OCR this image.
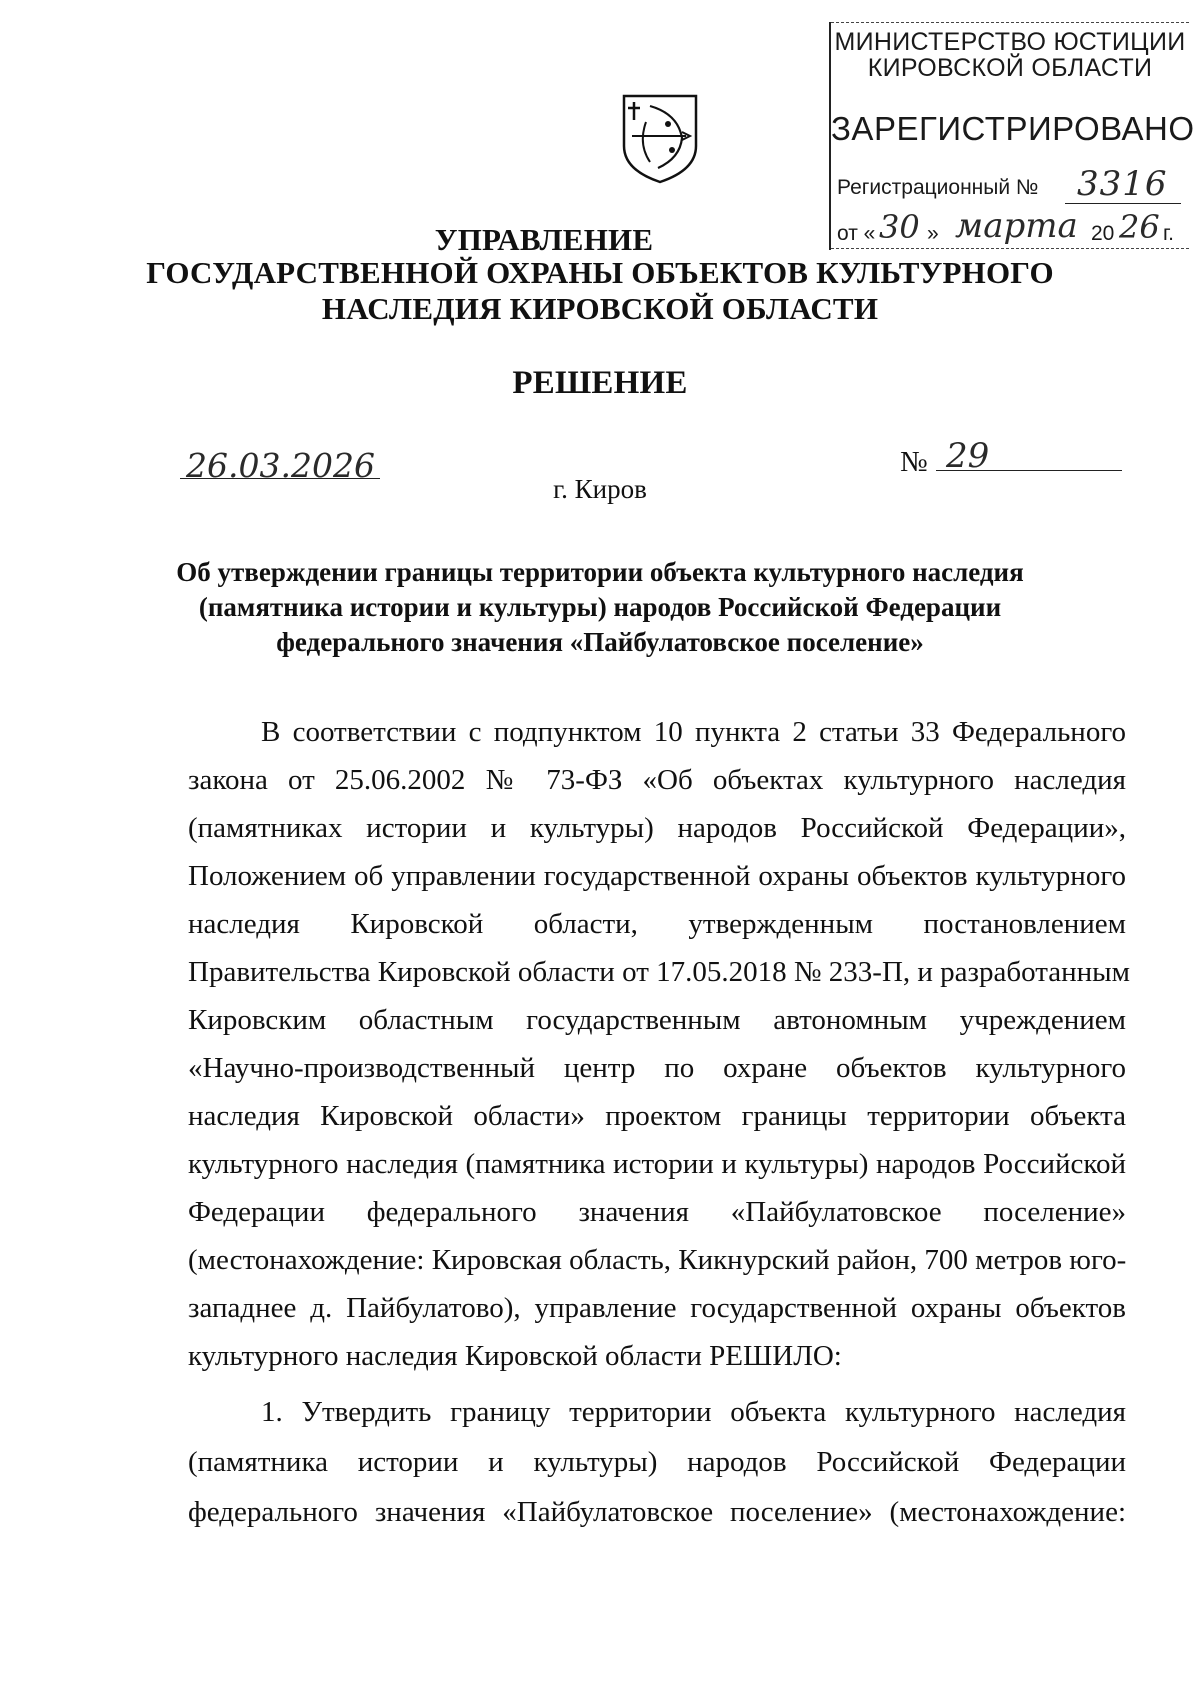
МИНИСТЕРСТВО ЮСТИЦИИ
КИРОВСКОЙ ОБЛАСТИ
ЗАРЕГИСТРИРОВАНО
Регистрационный № 3316
от « 30 » марта 20 26 г.
УПРАВЛЕНИЕ
ГОСУДАРСТВЕННОЙ ОХРАНЫ ОБЪЕКТОВ КУЛЬТУРНОГО
НАСЛЕДИЯ КИРОВСКОЙ ОБЛАСТИ
РЕШЕНИЕ
26.03.2026	№ 29
г. Киров
Об утверждении границы территории объекта культурного наследия
(памятника истории и культуры) народов Российской Федерации
федерального значения «Пайбулатовское поселение»
В соответствии с подпунктом 10 пункта 2 статьи 33 Федерального
закона от 25.06.2002 № 73-ФЗ «Об объектах культурного наследия
(памятниках истории и культуры) народов Российской Федерации»,
Положением об управлении государственной охраны объектов культурного
наследия Кировской области, утвержденным постановлением
Правительства Кировской области от 17.05.2018 № 233-П, и разработанным
Кировским областным государственным автономным учреждением
«Научно-производственный центр по охране объектов культурного
наследия Кировской области» проектом границы территории объекта
культурного наследия (памятника истории и культуры) народов Российской
Федерации федерального значения «Пайбулатовское поселение»
(местонахождение: Кировская область, Кикнурский район, 700 метров юго-
западнее д. Пайбулатово), управление государственной охраны объектов
культурного наследия Кировской области РЕШИЛО:
1. Утвердить границу территории объекта культурного наследия
(памятника истории и культуры) народов Российской Федерации
федерального значения «Пайбулатовское поселение» (местонахождение:
